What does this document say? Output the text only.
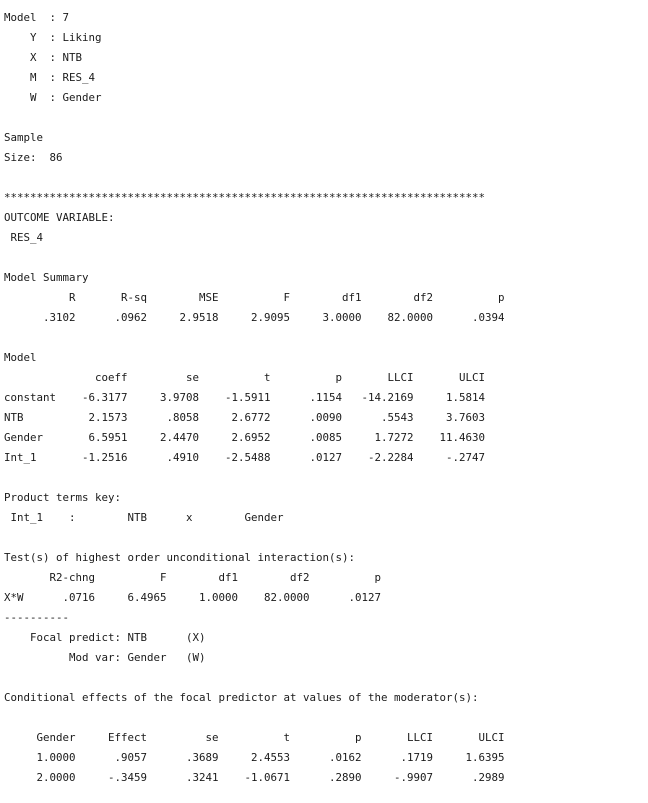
Model  : 7
Y  : Liking
X  : NTB
M  : RES_4
W  : Gender

Sample
Size:  86

**************************************************************************
OUTCOME VARIABLE:
RES_4

Model Summary
R       R-sq        MSE          F        df1        df2          p
.3102      .0962     2.9518     2.9095     3.0000    82.0000      .0394

Model
coeff         se          t          p       LLCI       ULCI
constant    -6.3177     3.9708    -1.5911      .1154   -14.2169     1.5814
NTB          2.1573      .8058     2.6772      .0090      .5543     3.7603
Gender       6.5951     2.4470     2.6952      .0085     1.7272    11.4630
Int_1       -1.2516      .4910    -2.5488      .0127    -2.2284     -.2747

Product terms key:
Int_1    :        NTB      x        Gender

Test(s) of highest order unconditional interaction(s):
R2-chng          F        df1        df2          p
X*W      .0716     6.4965     1.0000    82.0000      .0127
----------
Focal predict: NTB      (X)
Mod var: Gender   (W)

Conditional effects of the focal predictor at values of the moderator(s):

Gender     Effect         se          t          p       LLCI       ULCI
1.0000      .9057      .3689     2.4553      .0162      .1719     1.6395
2.0000     -.3459      .3241    -1.0671      .2890     -.9907      .2989
